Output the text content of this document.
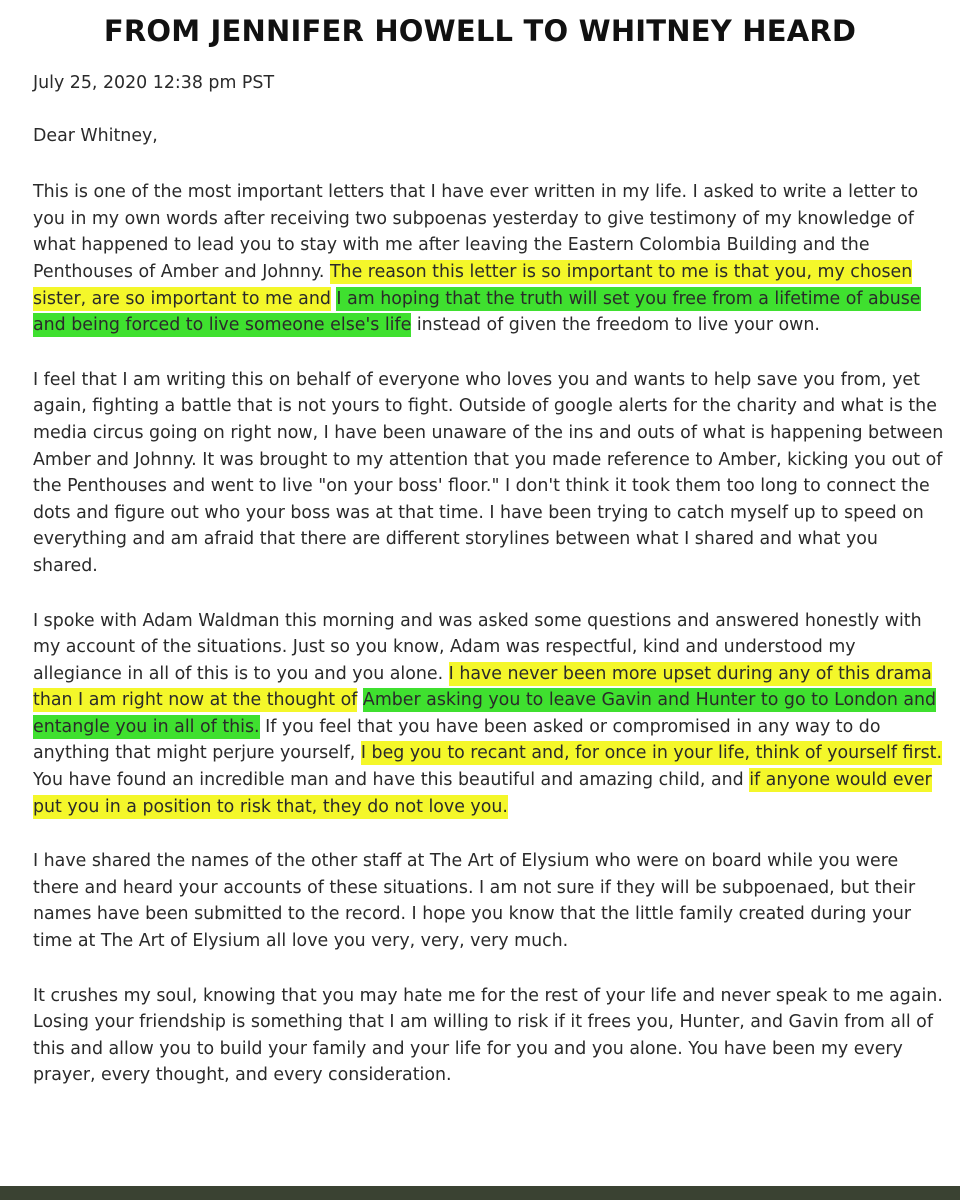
FROM JENNIFER HOWELL TO WHITNEY HEARD

July 25, 2020 12:38 pm PST

Dear Whitney,

This is one of the most important letters that I have ever written in my life. I asked to write a letter to you in my own words after receiving two subpoenas yesterday to give testimony of my knowledge of what happened to lead you to stay with me after leaving the Eastern Colombia Building and the Penthouses of Amber and Johnny. The reason this letter is so important to me is that you, my chosen sister, are so important to me and I am hoping that the truth will set you free from a lifetime of abuse and being forced to live someone else's life instead of given the freedom to live your own.

I feel that I am writing this on behalf of everyone who loves you and wants to help save you from, yet again, fighting a battle that is not yours to fight. Outside of google alerts for the charity and what is the media circus going on right now, I have been unaware of the ins and outs of what is happening between Amber and Johnny. It was brought to my attention that you made reference to Amber, kicking you out of the Penthouses and went to live "on your boss' floor." I don't think it took them too long to connect the dots and figure out who your boss was at that time. I have been trying to catch myself up to speed on everything and am afraid that there are different storylines between what I shared and what you shared.

I spoke with Adam Waldman this morning and was asked some questions and answered honestly with my account of the situations. Just so you know, Adam was respectful, kind and understood my allegiance in all of this is to you and you alone. I have never been more upset during any of this drama than I am right now at the thought of Amber asking you to leave Gavin and Hunter to go to London and entangle you in all of this. If you feel that you have been asked or compromised in any way to do anything that might perjure yourself, I beg you to recant and, for once in your life, think of yourself first. You have found an incredible man and have this beautiful and amazing child, and if anyone would ever put you in a position to risk that, they do not love you.

I have shared the names of the other staff at The Art of Elysium who were on board while you were there and heard your accounts of these situations. I am not sure if they will be subpoenaed, but their names have been submitted to the record. I hope you know that the little family created during your time at The Art of Elysium all love you very, very, very much.

It crushes my soul, knowing that you may hate me for the rest of your life and never speak to me again. Losing your friendship is something that I am willing to risk if it frees you, Hunter, and Gavin from all of this and allow you to build your family and your life for you and you alone. You have been my every prayer, every thought, and every consideration.
